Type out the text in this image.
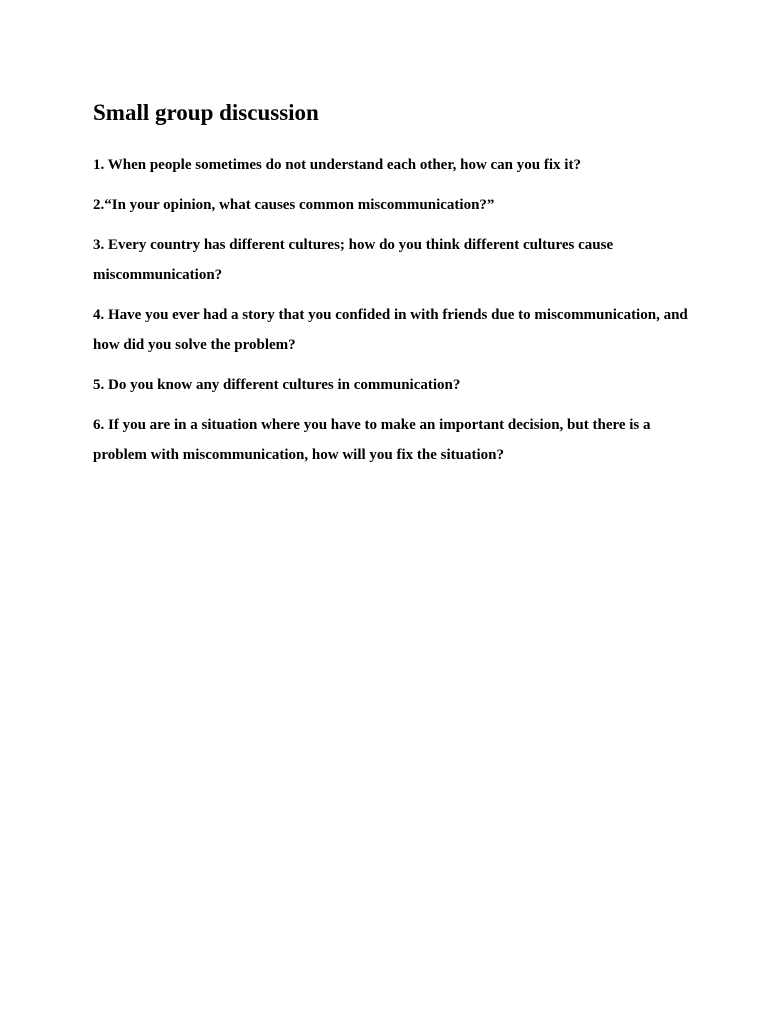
Small group discussion
1. When people sometimes do not understand each other, how can you fix it?
2.“In your opinion, what causes common miscommunication?”
3. Every country has different cultures; how do you think different cultures cause miscommunication?
4. Have you ever had a story that you confided in with friends due to miscommunication, and how did you solve the problem?
5. Do you know any different cultures in communication?
6. If you are in a situation where you have to make an important decision, but there is a problem with miscommunication, how will you fix the situation?
